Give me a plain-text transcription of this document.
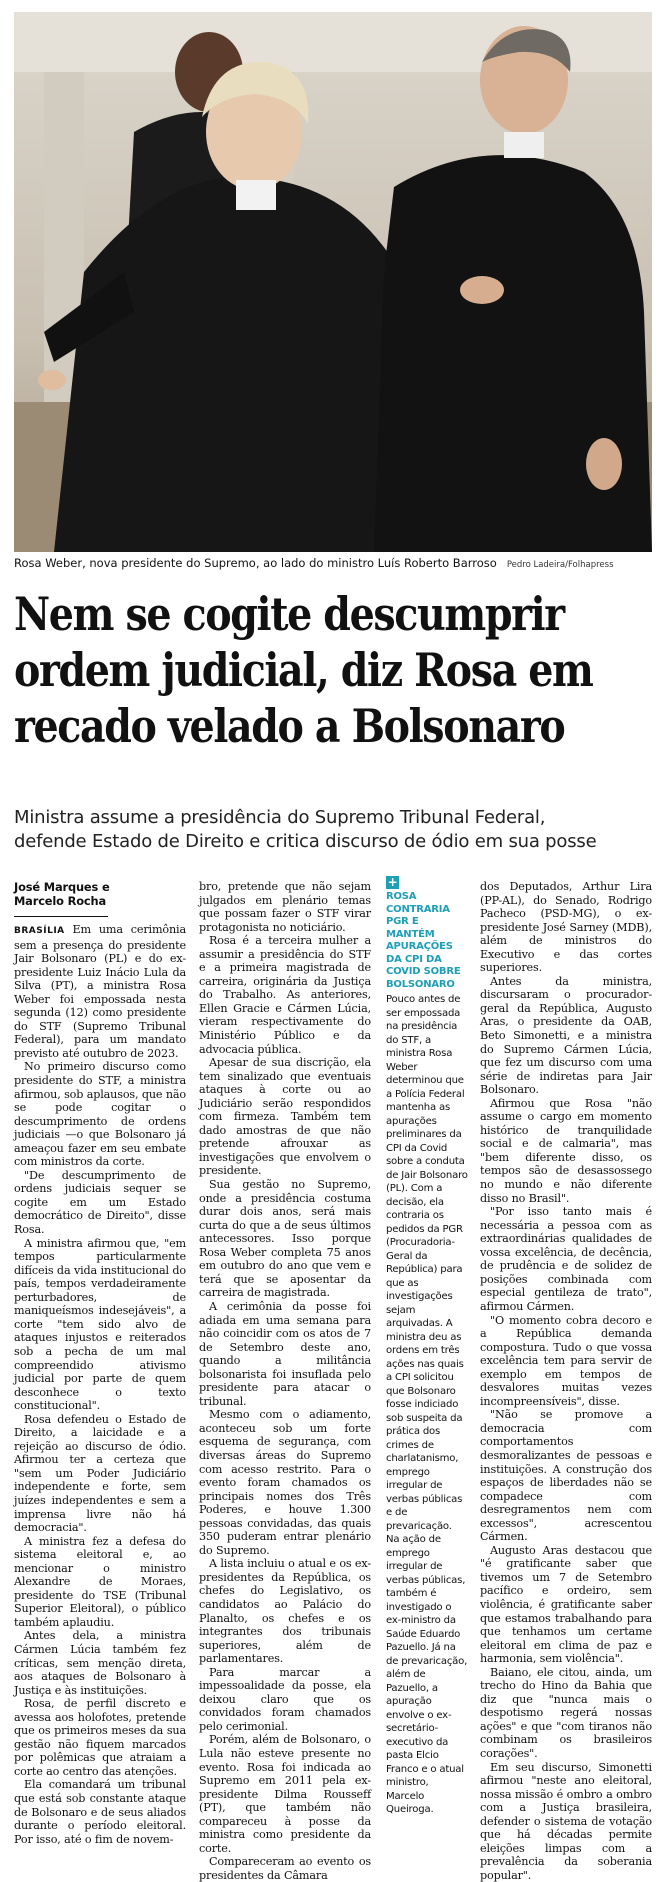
Rosa Weber, nova presidente do Supremo, ao lado do ministro Luís Roberto Barroso Pedro Ladeira/Folhapress
Nem se cogite descumprir
ordem judicial, diz Rosa em
recado velado a Bolsonaro
Ministra assume a presidência do Supremo Tribunal Federal,
defende Estado de Direito e critica discurso de ódio em sua posse
José Marques e
Marcelo Rocha

BRASÍLIA Em uma cerimônia sem a presença do presidente Jair Bolsonaro (PL) e do ex-presidente Luiz Inácio Lula da Silva (PT), a ministra Rosa Weber foi empossada nesta segunda (12) como presidente do STF (Supremo Tribunal Federal), para um mandato previsto até outubro de 2023.

No primeiro discurso como presidente do STF, a ministra afirmou, sob aplausos, que não se pode cogitar o descumprimento de ordens judiciais —o que Bolsonaro já ameaçou fazer em seu embate com ministros da corte.

"De descumprimento de ordens judiciais sequer se cogite em um Estado democrático de Direito", disse Rosa.

A ministra afirmou que, "em tempos particularmente difíceis da vida institucional do país, tempos verdadeiramente perturbadores, de maniqueísmos indesejáveis", a corte "tem sido alvo de ataques injustos e reiterados sob a pecha de um mal compreendido ativismo judicial por parte de quem desconhece o texto constitucional".

Rosa defendeu o Estado de Direito, a laicidade e a rejeição ao discurso de ódio. Afirmou ter a certeza que "sem um Poder Judiciário independente e forte, sem juízes independentes e sem a imprensa livre não há democracia".

A ministra fez a defesa do sistema eleitoral e, ao mencionar o ministro Alexandre de Moraes, presidente do TSE (Tribunal Superior Eleitoral), o público também aplaudiu.

Antes dela, a ministra Cármen Lúcia também fez críticas, sem menção direta, aos ataques de Bolsonaro à Justiça e às instituições.

Rosa, de perfil discreto e avessa aos holofotes, pretende que os primeiros meses da sua gestão não fiquem marcados por polêmicas que atraiam a corte ao centro das atenções.

Ela comandará um tribunal que está sob constante ataque de Bolsonaro e de seus aliados durante o período eleitoral. Por isso, até o fim de novem-

bro, pretende que não sejam julgados em plenário temas que possam fazer o STF virar protagonista no noticiário.

Rosa é a terceira mulher a assumir a presidência do STF e a primeira magistrada de carreira, originária da Justiça do Trabalho. As anteriores, Ellen Gracie e Cármen Lúcia, vieram respectivamente do Ministério Público e da advocacia pública.

Apesar de sua discrição, ela tem sinalizado que eventuais ataques à corte ou ao Judiciário serão respondidos com firmeza. Também tem dado amostras de que não pretende afrouxar as investigações que envolvem o presidente.

Sua gestão no Supremo, onde a presidência costuma durar dois anos, será mais curta do que a de seus últimos antecessores. Isso porque Rosa Weber completa 75 anos em outubro do ano que vem e terá que se aposentar da carreira de magistrada.

A cerimônia da posse foi adiada em uma semana para não coincidir com os atos de 7 de Setembro deste ano, quando a militância bolsonarista foi insuflada pelo presidente para atacar o tribunal.

Mesmo com o adiamento, aconteceu sob um forte esquema de segurança, com diversas áreas do Supremo com acesso restrito. Para o evento foram chamados os principais nomes dos Três Poderes, e houve 1.300 pessoas convidadas, das quais 350 puderam entrar plenário do Supremo.

A lista incluiu o atual e os ex-presidentes da República, os chefes do Legislativo, os candidatos ao Palácio do Planalto, os chefes e os integrantes dos tribunais superiores, além de parlamentares.

Para marcar a impessoalidade da posse, ela deixou claro que os convidados foram chamados pelo cerimonial.

Porém, além de Bolsonaro, o Lula não esteve presente no evento. Rosa foi indicada ao Supremo em 2011 pela ex-presidente Dilma Rousseff (PT), que também não compareceu à posse da ministra como presidente da corte.

Compareceram ao evento os presidentes da Câmara

+
ROSA CONTRARIA PGR E MANTÉM APURAÇÕES DA CPI DA COVID SOBRE BOLSONARO
Pouco antes de ser empossada na presidência do STF, a ministra Rosa Weber determinou que a Polícia Federal mantenha as apurações preliminares da CPI da Covid sobre a conduta de Jair Bolsonaro (PL). Com a decisão, ela contraria os pedidos da PGR (Procuradoria-Geral da República) para que as investigações sejam arquivadas. A ministra deu as ordens em três ações nas quais a CPI solicitou que Bolsonaro fosse indiciado sob suspeita da prática dos crimes de charlatanismo, emprego irregular de verbas públicas e de prevaricação. Na ação de emprego irregular de verbas públicas, também é investigado o ex-ministro da Saúde Eduardo Pazuello. Já na de prevaricação, além de Pazuello, a apuração envolve o ex-secretário-executivo da pasta Elcio Franco e o atual ministro, Marcelo Queiroga.

dos Deputados, Arthur Lira (PP-AL), do Senado, Rodrigo Pacheco (PSD-MG), o ex-presidente José Sarney (MDB), além de ministros do Executivo e das cortes superiores.

Antes da ministra, discursaram o procurador-geral da República, Augusto Aras, o presidente da OAB, Beto Simonetti, e a ministra do Supremo Cármen Lúcia, que fez um discurso com uma série de indiretas para Jair Bolsonaro.

Afirmou que Rosa "não assume o cargo em momento histórico de tranquilidade social e de calmaria", mas "bem diferente disso, os tempos são de desassossego no mundo e não diferente disso no Brasil".

"Por isso tanto mais é necessária a pessoa com as extraordinárias qualidades de vossa excelência, de decência, de prudência e de solidez de posições combinada com especial gentileza de trato", afirmou Cármen.

"O momento cobra decoro e a República demanda compostura. Tudo o que vossa excelência tem para servir de exemplo em tempos de desvalores muitas vezes incompreensíveis", disse.

"Não se promove a democracia com comportamentos desmoralizantes de pessoas e instituições. A construção dos espaços de liberdades não se compadece com desregramentos nem com excessos", acrescentou Cármen.

Augusto Aras destacou que "é gratificante saber que tivemos um 7 de Setembro pacífico e ordeiro, sem violência, é gratificante saber que estamos trabalhando para que tenhamos um certame eleitoral em clima de paz e harmonia, sem violência".

Baiano, ele citou, ainda, um trecho do Hino da Bahia que diz que "nunca mais o despotismo regerá nossas ações" e que "com tiranos não combinam os brasileiros corações".

Em seu discurso, Simonetti afirmou "neste ano eleitoral, nossa missão é ombro a ombro com a Justiça brasileira, defender o sistema de votação que há décadas permite eleições limpas com a prevalência da soberania popular".
